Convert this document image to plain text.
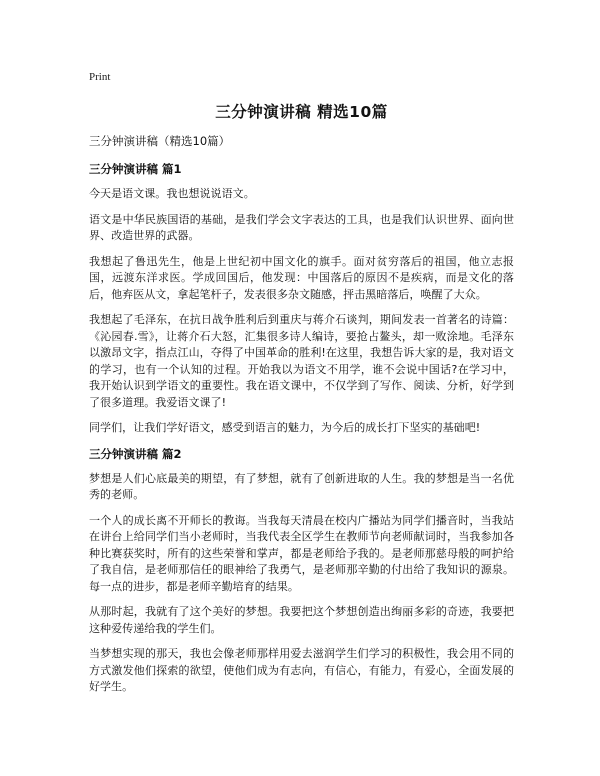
Print
三分钟演讲稿 精选10篇
三分钟演讲稿（精选10篇）
三分钟演讲稿 篇1

今天是语文课。我也想说说语文。

语文是中华民族国语的基础，是我们学会文字表达的工具，也是我们认识世界、面向世界、改造世界的武器。

我想起了鲁迅先生，他是上世纪初中国文化的旗手。面对贫穷落后的祖国，他立志报国，远渡东洋求医。学成回国后，他发现：中国落后的原因不是疾病，而是文化的落后，他弃医从文，拿起笔杆子，发表很多杂文随感，抨击黑暗落后，唤醒了大众。

我想起了毛泽东，在抗日战争胜利后到重庆与蒋介石谈判，期间发表一首著名的诗篇：《沁园春.雪》，让蒋介石大怒，汇集很多诗人编诗，要抢占鳌头，却一败涂地。毛泽东以激昂文字，指点江山，夺得了中国革命的胜利!在这里，我想告诉大家的是，我对语文的学习，也有一个认知的过程。开始我以为语文不用学，谁不会说中国话?在学习中，我开始认识到学语文的重要性。我在语文课中，不仅学到了写作、阅读、分析，好学到了很多道理。我爱语文课了!

同学们，让我们学好语文，感受到语言的魅力，为今后的成长打下坚实的基础吧!

三分钟演讲稿 篇2

梦想是人们心底最美的期望，有了梦想，就有了创新进取的人生。我的梦想是当一名优秀的老师。

一个人的成长离不开师长的教诲。当我每天清晨在校内广播站为同学们播音时，当我站在讲台上给同学们当小老师时，当我代表全区学生在教师节向老师献词时，当我参加各种比赛获奖时，所有的这些荣誉和掌声，都是老师给予我的。是老师那慈母般的呵护给了我自信，是老师那信任的眼神给了我勇气，是老师那辛勤的付出给了我知识的源泉。每一点的进步，都是老师辛勤培育的结果。

从那时起，我就有了这个美好的梦想。我要把这个梦想创造出绚丽多彩的奇迹，我要把这种爱传递给我的学生们。

当梦想实现的那天，我也会像老师那样用爱去滋润学生们学习的积极性，我会用不同的方式激发他们探索的欲望，使他们成为有志向，有信心，有能力，有爱心，全面发展的好学生。
